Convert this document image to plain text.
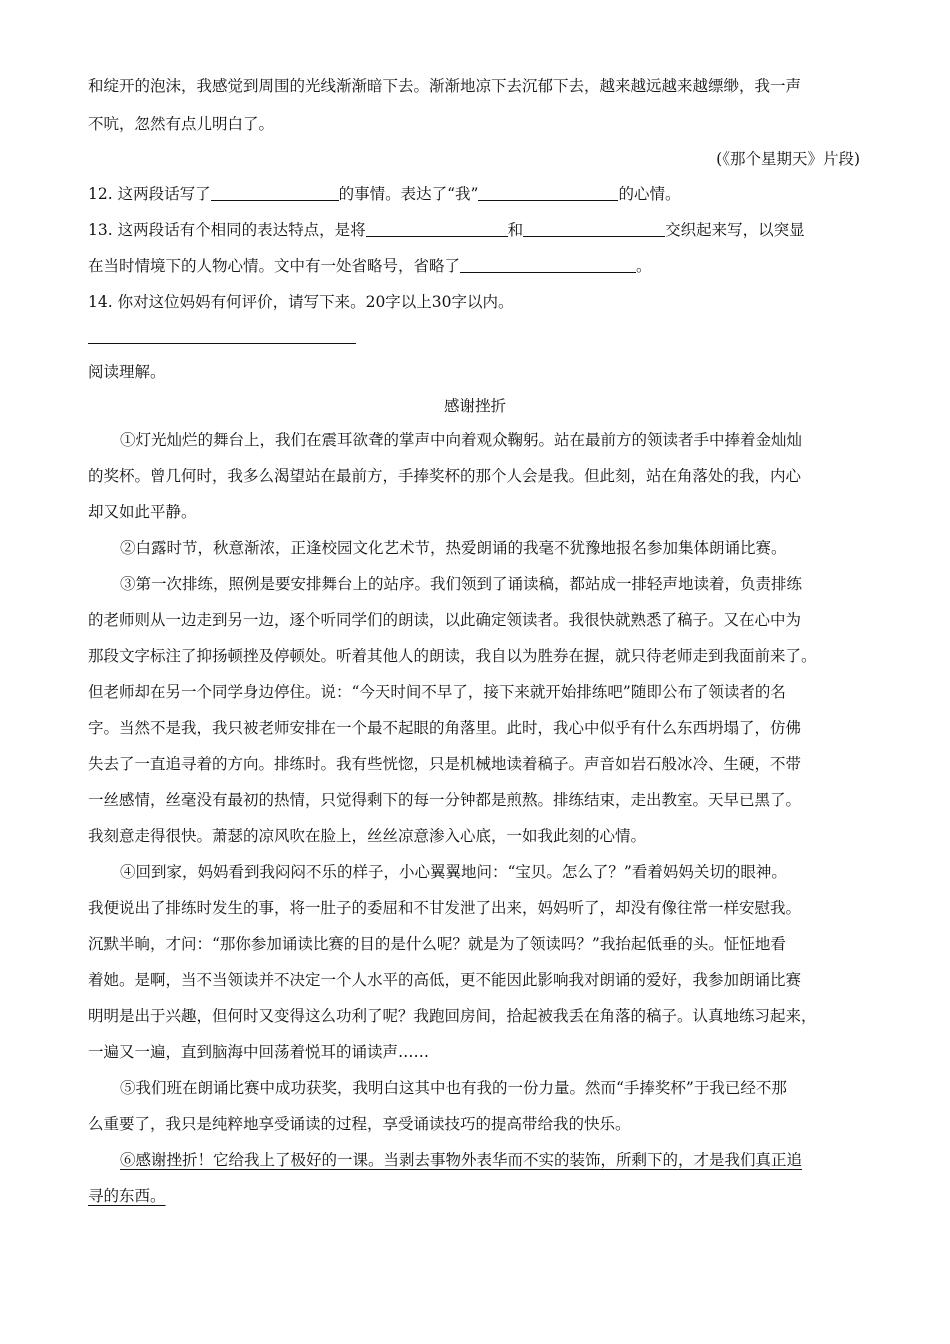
和绽开的泡沫，我感觉到周围的光线渐渐暗下去。渐渐地凉下去沉郁下去，越来越远越来越缥缈，我一声
不吭，忽然有点儿明白了。
(《那个星期天》片段)
12. 这两段话写了	的事情。表达了“我”	的心情。
13. 这两段话有个相同的表达特点，是将	和	交织起来写，以突显
在当时情境下的人物心情。文中有一处省略号，省略了	。
14. 你对这位妈妈有何评价，请写下来。20字以上30字以内。
阅读理解。
感谢挫折
①灯光灿烂的舞台上，我们在震耳欲聋的掌声中向着观众鞠躬。站在最前方的领读者手中捧着金灿灿
的奖杯。曾几何时，我多么渴望站在最前方，手捧奖杯的那个人会是我。但此刻，站在角落处的我，内心
却又如此平静。
②白露时节，秋意渐浓，正逢校园文化艺术节，热爱朗诵的我毫不犹豫地报名参加集体朗诵比赛。
③第一次排练，照例是要安排舞台上的站序。我们领到了诵读稿，都站成一排轻声地读着，负责排练
的老师则从一边走到另一边，逐个听同学们的朗读，以此确定领读者。我很快就熟悉了稿子。又在心中为
那段文字标注了抑扬顿挫及停顿处。听着其他人的朗读，我自以为胜券在握，就只待老师走到我面前来了。
但老师却在另一个同学身边停住。说：“今天时间不早了，接下来就开始排练吧”随即公布了领读者的名
字。当然不是我，我只被老师安排在一个最不起眼的角落里。此时，我心中似乎有什么东西坍塌了，仿佛
失去了一直追寻着的方向。排练时。我有些恍惚，只是机械地读着稿子。声音如岩石般冰冷、生硬，不带
一丝感情，丝毫没有最初的热情，只觉得剩下的每一分钟都是煎熬。排练结束，走出教室。天早已黑了。
我刻意走得很快。萧瑟的凉风吹在脸上，丝丝凉意渗入心底，一如我此刻的心情。
④回到家，妈妈看到我闷闷不乐的样子，小心翼翼地问：“宝贝。怎么了？”看着妈妈关切的眼神。
我便说出了排练时发生的事，将一肚子的委屈和不甘发泄了出来，妈妈听了，却没有像往常一样安慰我。
沉默半晌，才问：“那你参加诵读比赛的目的是什么呢？就是为了领读吗？”我抬起低垂的头。怔怔地看
着她。是啊，当不当领读并不决定一个人水平的高低，更不能因此影响我对朗诵的爱好，我参加朗诵比赛
明明是出于兴趣，但何时又变得这么功利了呢？我跑回房间，拾起被我丢在角落的稿子。认真地练习起来，
一遍又一遍，直到脑海中回荡着悦耳的诵读声……
⑤我们班在朗诵比赛中成功获奖，我明白这其中也有我的一份力量。然而“手捧奖杯”于我已经不那
么重要了，我只是纯粹地享受诵读的过程，享受诵读技巧的提高带给我的快乐。
⑥感谢挫折！它给我上了极好的一课。当剥去事物外表华而不实的装饰，所剩下的，才是我们真正追
寻的东西。
